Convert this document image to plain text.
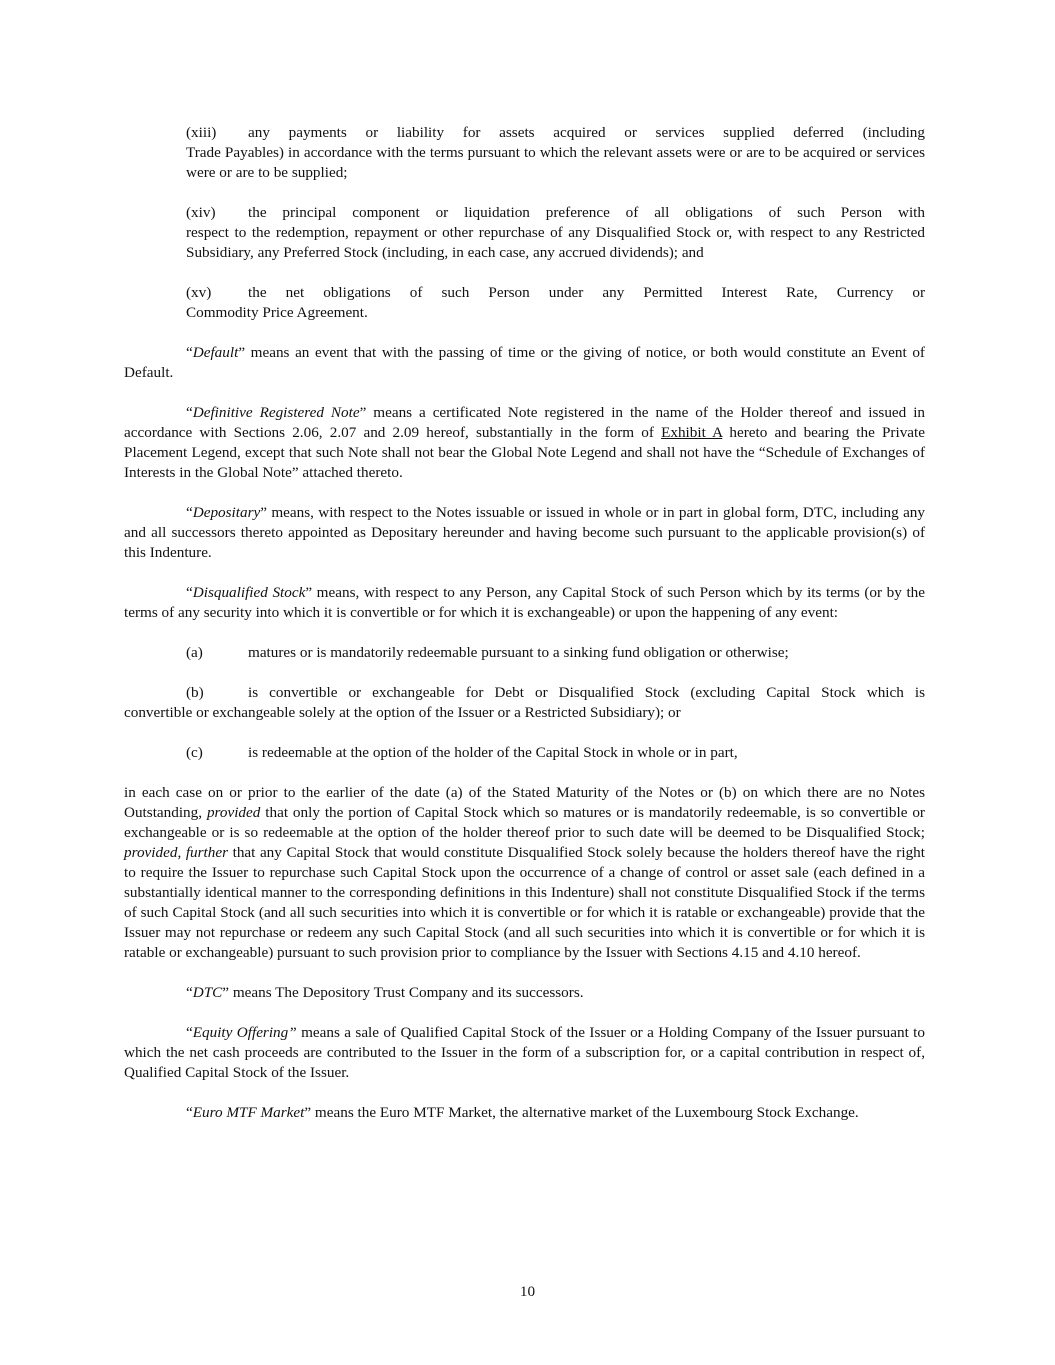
(xiii) any payments or liability for assets acquired or services supplied deferred (including

Trade Payables) in accordance with the terms pursuant to which the relevant assets were or are to be acquired or services were or are to be supplied;

(xiv) the principal component or liquidation preference of all obligations of such Person with

respect to the redemption, repayment or other repurchase of any Disqualified Stock or, with respect to any Restricted Subsidiary, any Preferred Stock (including, in each case, any accrued dividends); and

(xv) the net obligations of such Person under any Permitted Interest Rate, Currency or

Commodity Price Agreement.

“Default” means an event that with the passing of time or the giving of notice, or both would constitute an Event of Default.
“Definitive Registered Note” means a certificated Note registered in the name of the Holder thereof and issued in accordance with Sections 2.06, 2.07 and 2.09 hereof, substantially in the form of Exhibit A hereto and bearing the Private Placement Legend, except that such Note shall not bear the Global Note Legend and shall not have the “Schedule of Exchanges of Interests in the Global Note” attached thereto.
“Depositary” means, with respect to the Notes issuable or issued in whole or in part in global form, DTC, including any and all successors thereto appointed as Depositary hereunder and having become such pursuant to the applicable provision(s) of this Indenture.
“Disqualified Stock” means, with respect to any Person, any Capital Stock of such Person which by its terms (or by the terms of any security into which it is convertible or for which it is exchangeable) or upon the happening of any event:

(a)	matures or is mandatorily redeemable pursuant to a sinking fund obligation or otherwise;

(b)	is convertible or exchangeable for Debt or Disqualified Stock (excluding Capital Stock which is

convertible or exchangeable solely at the option of the Issuer or a Restricted Subsidiary); or

(c)	is redeemable at the option of the holder of the Capital Stock in whole or in part,

in each case on or prior to the earlier of the date (a) of the Stated Maturity of the Notes or (b) on which there are no Notes Outstanding, provided that only the portion of Capital Stock which so matures or is mandatorily redeemable, is so convertible or exchangeable or is so redeemable at the option of the holder thereof prior to such date will be deemed to be Disqualified Stock; provided, further that any Capital Stock that would constitute Disqualified Stock solely because the holders thereof have the right to require the Issuer to repurchase such Capital Stock upon the occurrence of a change of control or asset sale (each defined in a substantially identical manner to the corresponding definitions in this Indenture) shall not constitute Disqualified Stock if the terms of such Capital Stock (and all such securities into which it is convertible or for which it is ratable or exchangeable) provide that the Issuer may not repurchase or redeem any such Capital Stock (and all such securities into which it is convertible or for which it is ratable or exchangeable) pursuant to such provision prior to compliance by the Issuer with Sections 4.15 and 4.10 hereof.
“DTC” means The Depository Trust Company and its successors.
“Equity Offering” means a sale of Qualified Capital Stock of the Issuer or a Holding Company of the Issuer pursuant to which the net cash proceeds are contributed to the Issuer in the form of a subscription for, or a capital contribution in respect of, Qualified Capital Stock of the Issuer.
“Euro MTF Market” means the Euro MTF Market, the alternative market of the Luxembourg Stock Exchange.
10
